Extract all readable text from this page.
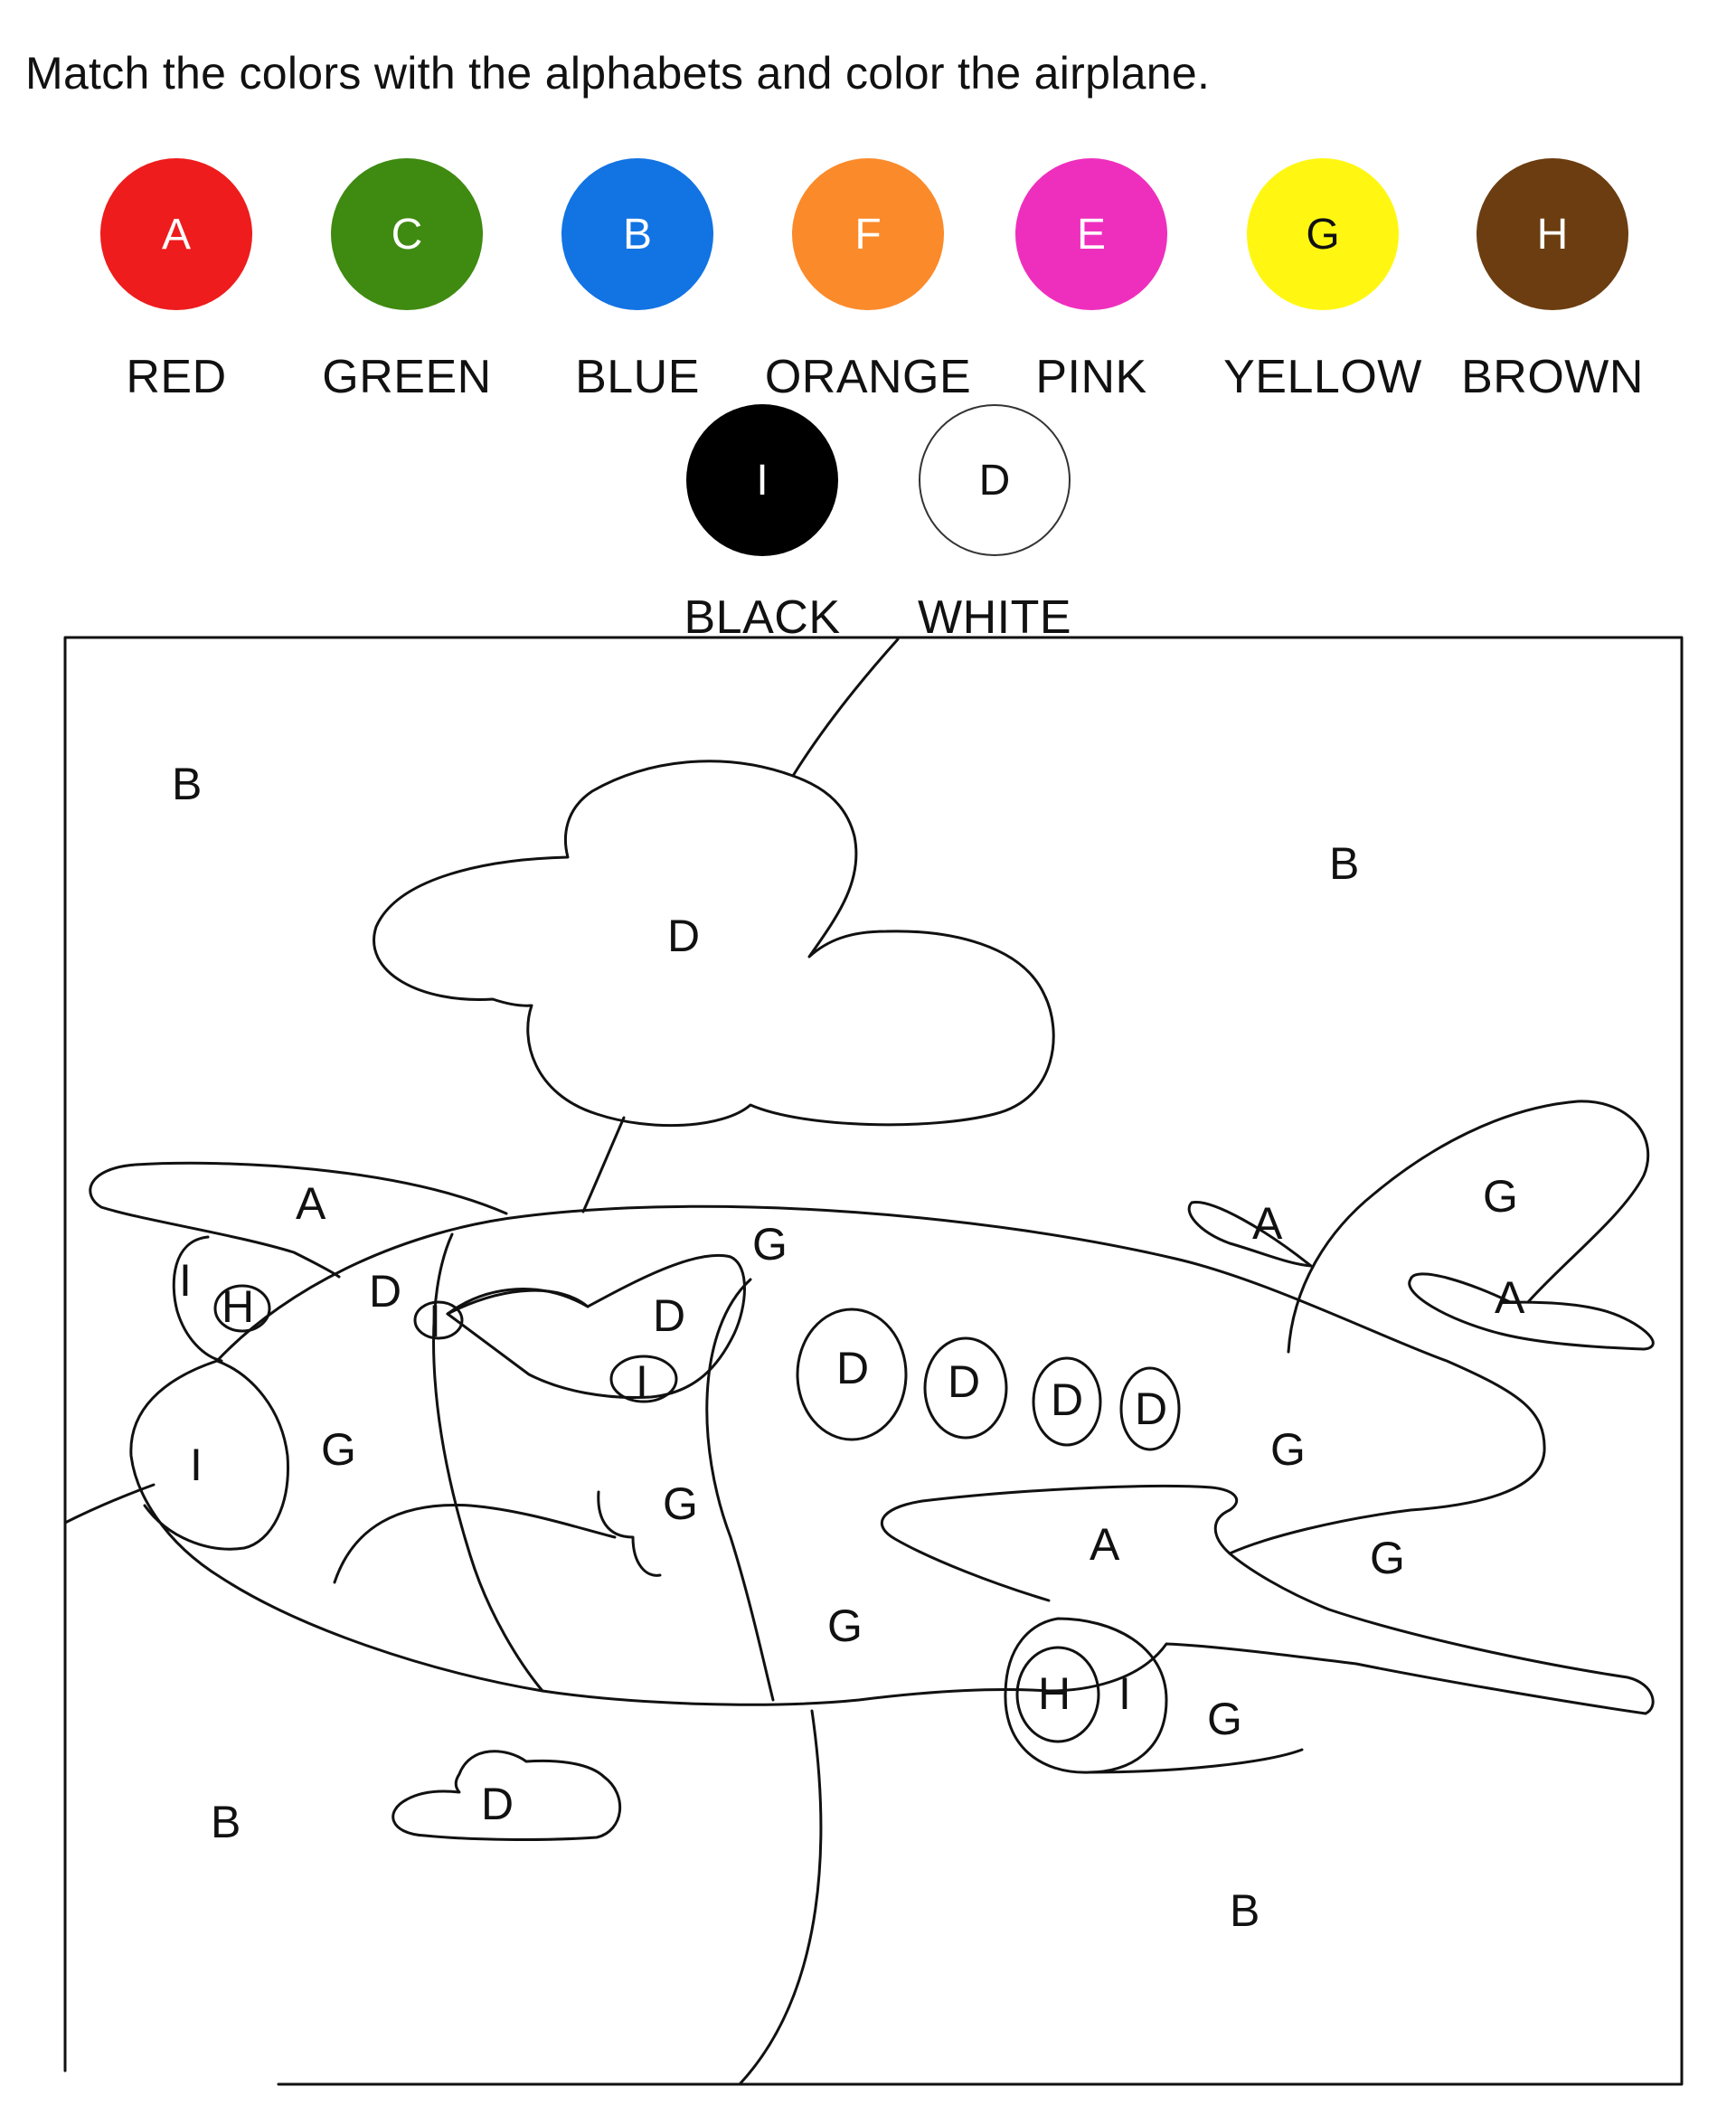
Match the colors with the alphabets and color the airplane.
A
RED
C
GREEN
B
BLUE
F
ORANGE
E
PINK
G
YELLOW
H
BROWN
I
BLACK
D
WHITE
B
B
B
B
D
D
A	A
A
A
D D D D
D
I	D
I
I
H
I	G
G
G
G
G
G
G
H I G
